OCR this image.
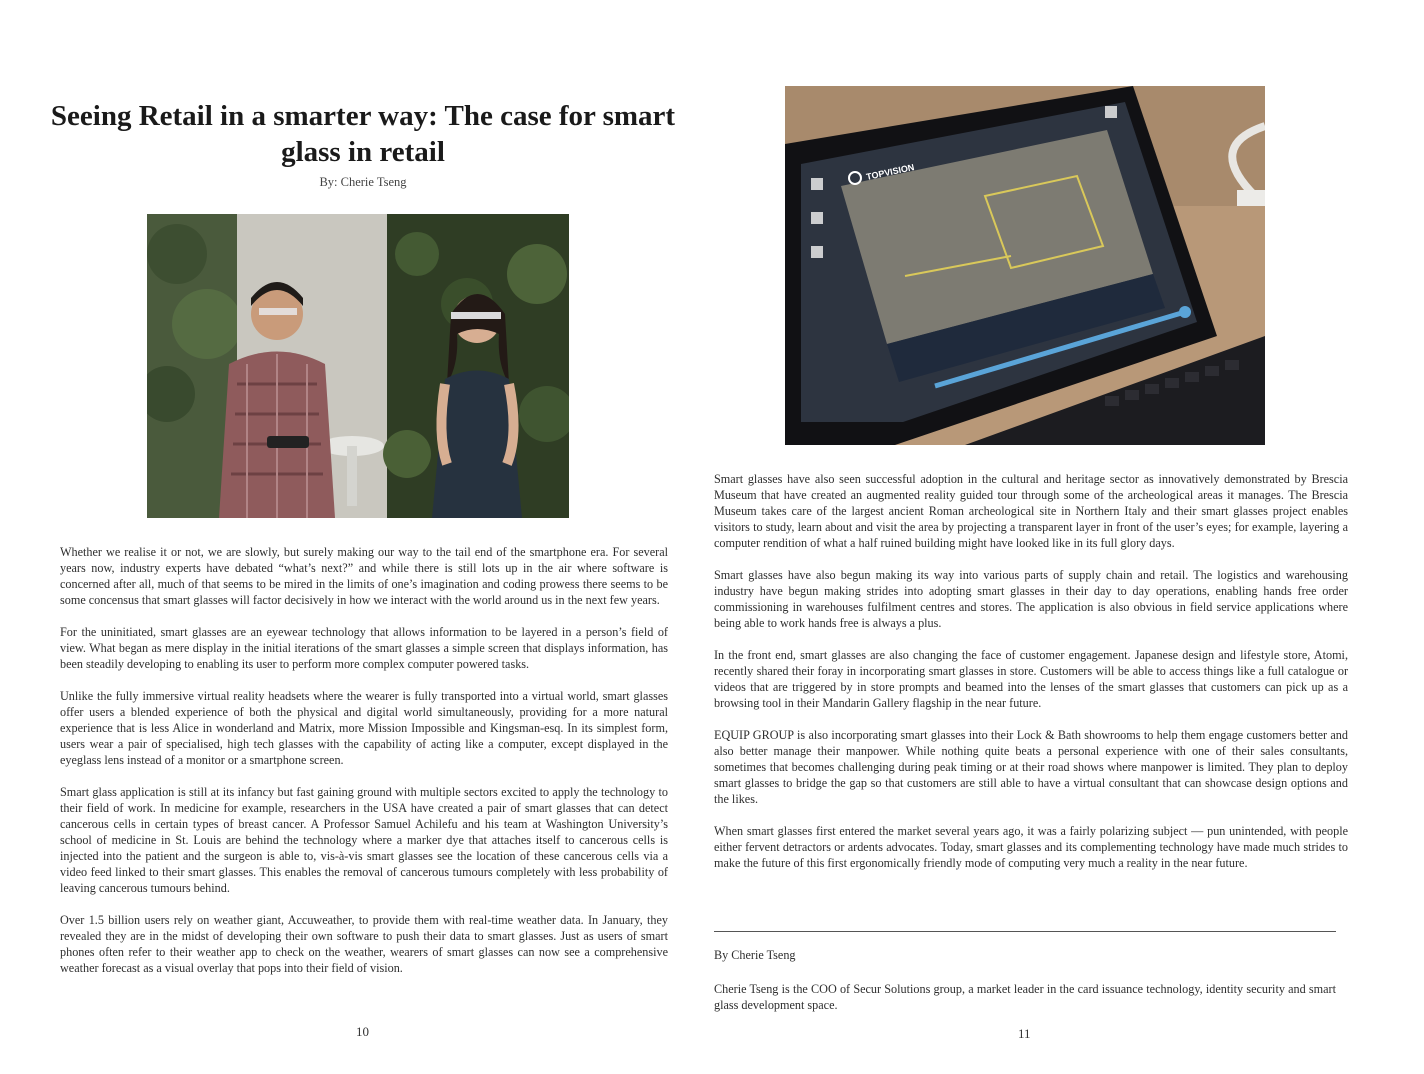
Seeing Retail in a smarter way: The case for smart glass in retail
By: Cherie Tseng

Whether we realise it or not, we are slowly, but surely making our way to the tail end of the smartphone era. For several years now, industry experts have debated “what’s next?” and while there is still lots up in the air where software is concerned after all, much of that seems to be mired in the limits of one’s imagination and coding prowess there seems to be some concensus that smart glasses will factor decisively in how we interact with the world around us in the next few years.

For the uninitiated, smart glasses are an eyewear technology that allows information to be layered in a person’s field of view. What began as mere display in the initial iterations of the smart glasses a simple screen that displays information, has been steadily developing to enabling its user to perform more complex computer powered tasks.

Unlike the fully immersive virtual reality headsets where the wearer is fully transported into a virtual world, smart glasses offer users a blended experience of both the physical and digital world simultaneously, providing for a more natural experience that is less Alice in wonderland and Matrix, more Mission Impossible and Kingsman-esq. In its simplest form, users wear a pair of specialised, high tech glasses with the capability of acting like a computer, except displayed in the eyeglass lens instead of a monitor or a smartphone screen.

Smart glass application is still at its infancy but fast gaining ground with multiple sectors excited to apply the technology to their field of work. In medicine for example, researchers in the USA have created a pair of smart glasses that can detect cancerous cells in certain types of breast cancer. A Professor Samuel Achilefu and his team at Washington University’s school of medicine in St. Louis are behind the technology where a marker dye that attaches itself to cancerous cells is injected into the patient and the surgeon is able to, vis-à-vis smart glasses see the location of these cancerous cells via a video feed linked to their smart glasses. This enables the removal of cancerous tumours completely with less probability of leaving cancerous tumours behind.

Over 1.5 billion users rely on weather giant, Accuweather, to provide them with real-time weather data. In January, they revealed they are in the midst of developing their own software to push their data to smart glasses. Just as users of smart phones often refer to their weather app to check on the weather, wearers of smart glasses can now see a comprehensive weather forecast as a visual overlay that pops into their field of vision.

10
TOPVISION

Smart glasses have also seen successful adoption in the cultural and heritage sector as innovatively demonstrated by Brescia Museum that have created an augmented reality guided tour through some of the archeological areas it manages. The Brescia Museum takes care of the largest ancient Roman archeological site in Northern Italy and their smart glasses project enables visitors to study, learn about and visit the area by projecting a transparent layer in front of the user’s eyes; for example, layering a computer rendition of what a half ruined building might have looked like in its full glory days.

Smart glasses have also begun making its way into various parts of supply chain and retail. The logistics and warehousing industry have begun making strides into adopting smart glasses in their day to day operations, enabling hands free order commissioning in warehouses fulfilment centres and stores. The application is also obvious in field service applications where being able to work hands free is always a plus.

In the front end, smart glasses are also changing the face of customer engagement. Japanese design and lifestyle store, Atomi, recently shared their foray in incorporating smart glasses in store. Customers will be able to access things like a full catalogue or videos that are triggered by in store prompts and beamed into the lenses of the smart glasses that customers can pick up as a browsing tool in their Mandarin Gallery flagship in the near future.

EQUIP GROUP is also incorporating smart glasses into their Lock & Bath showrooms to help them engage customers better and also better manage their manpower. While nothing quite beats a personal experience with one of their sales consultants, sometimes that becomes challenging during peak timing or at their road shows where manpower is limited. They plan to deploy smart glasses to bridge the gap so that customers are still able to have a virtual consultant that can showcase design options and the likes.

When smart glasses first entered the market several years ago, it was a fairly polarizing subject — pun unintended, with people either fervent detractors or ardents advocates. Today, smart glasses and its complementing technology have made much strides to make the future of this first ergonomically friendly mode of computing very much a reality in the near future.

By Cherie Tseng

Cherie Tseng is the COO of Secur Solutions group, a market leader in the card issuance technology, identity security and smart glass development space.

11
